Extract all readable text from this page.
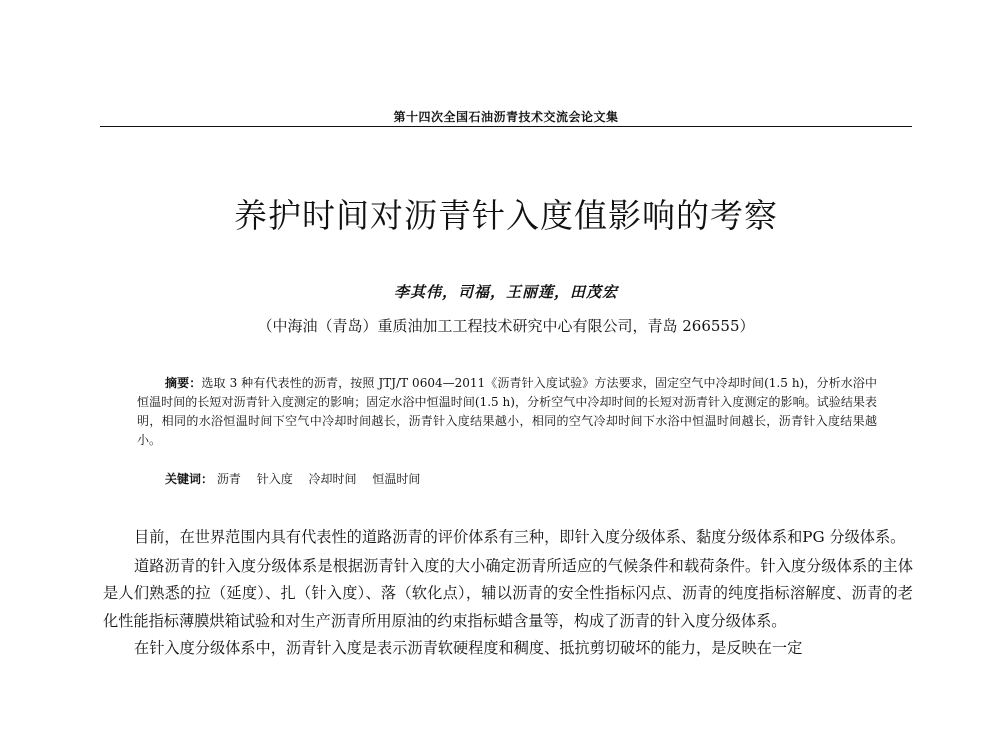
第十四次全国石油沥青技术交流会论文集
养护时间对沥青针入度值影响的考察
李其伟，司福，王丽莲，田茂宏
（中海油（青岛）重质油加工工程技术研究中心有限公司，青岛 266555）

摘要：选取 3 种有代表性的沥青，按照 JTJ/T 0604—2011《沥青针入度试验》方法要求，固定空气中冷却时间(1.5 h)，分析水浴中恒温时间的长短对沥青针入度测定的影响；固定水浴中恒温时间(1.5 h)，分析空气中冷却时间的长短对沥青针入度测定的影响。试验结果表明，相同的水浴恒温时间下空气中冷却时间越长，沥青针入度结果越小，相同的空气冷却时间下水浴中恒温时间越长，沥青针入度结果越小。

关键词： 沥青 针入度 冷却时间 恒温时间

目前，在世界范围内具有代表性的道路沥青的评价体系有三种，即针入度分级体系、黏度分级体系和PG 分级体系。

道路沥青的针入度分级体系是根据沥青针入度的大小确定沥青所适应的气候条件和载荷条件。针入度分级体系的主体是人们熟悉的拉（延度）、扎（针入度）、落（软化点），辅以沥青的安全性指标闪点、沥青的纯度指标溶解度、沥青的老化性能指标薄膜烘箱试验和对生产沥青所用原油的约束指标蜡含量等，构成了沥青的针入度分级体系。

在针入度分级体系中，沥青针入度是表示沥青软硬程度和稠度、抵抗剪切破坏的能力，是反映在一定
